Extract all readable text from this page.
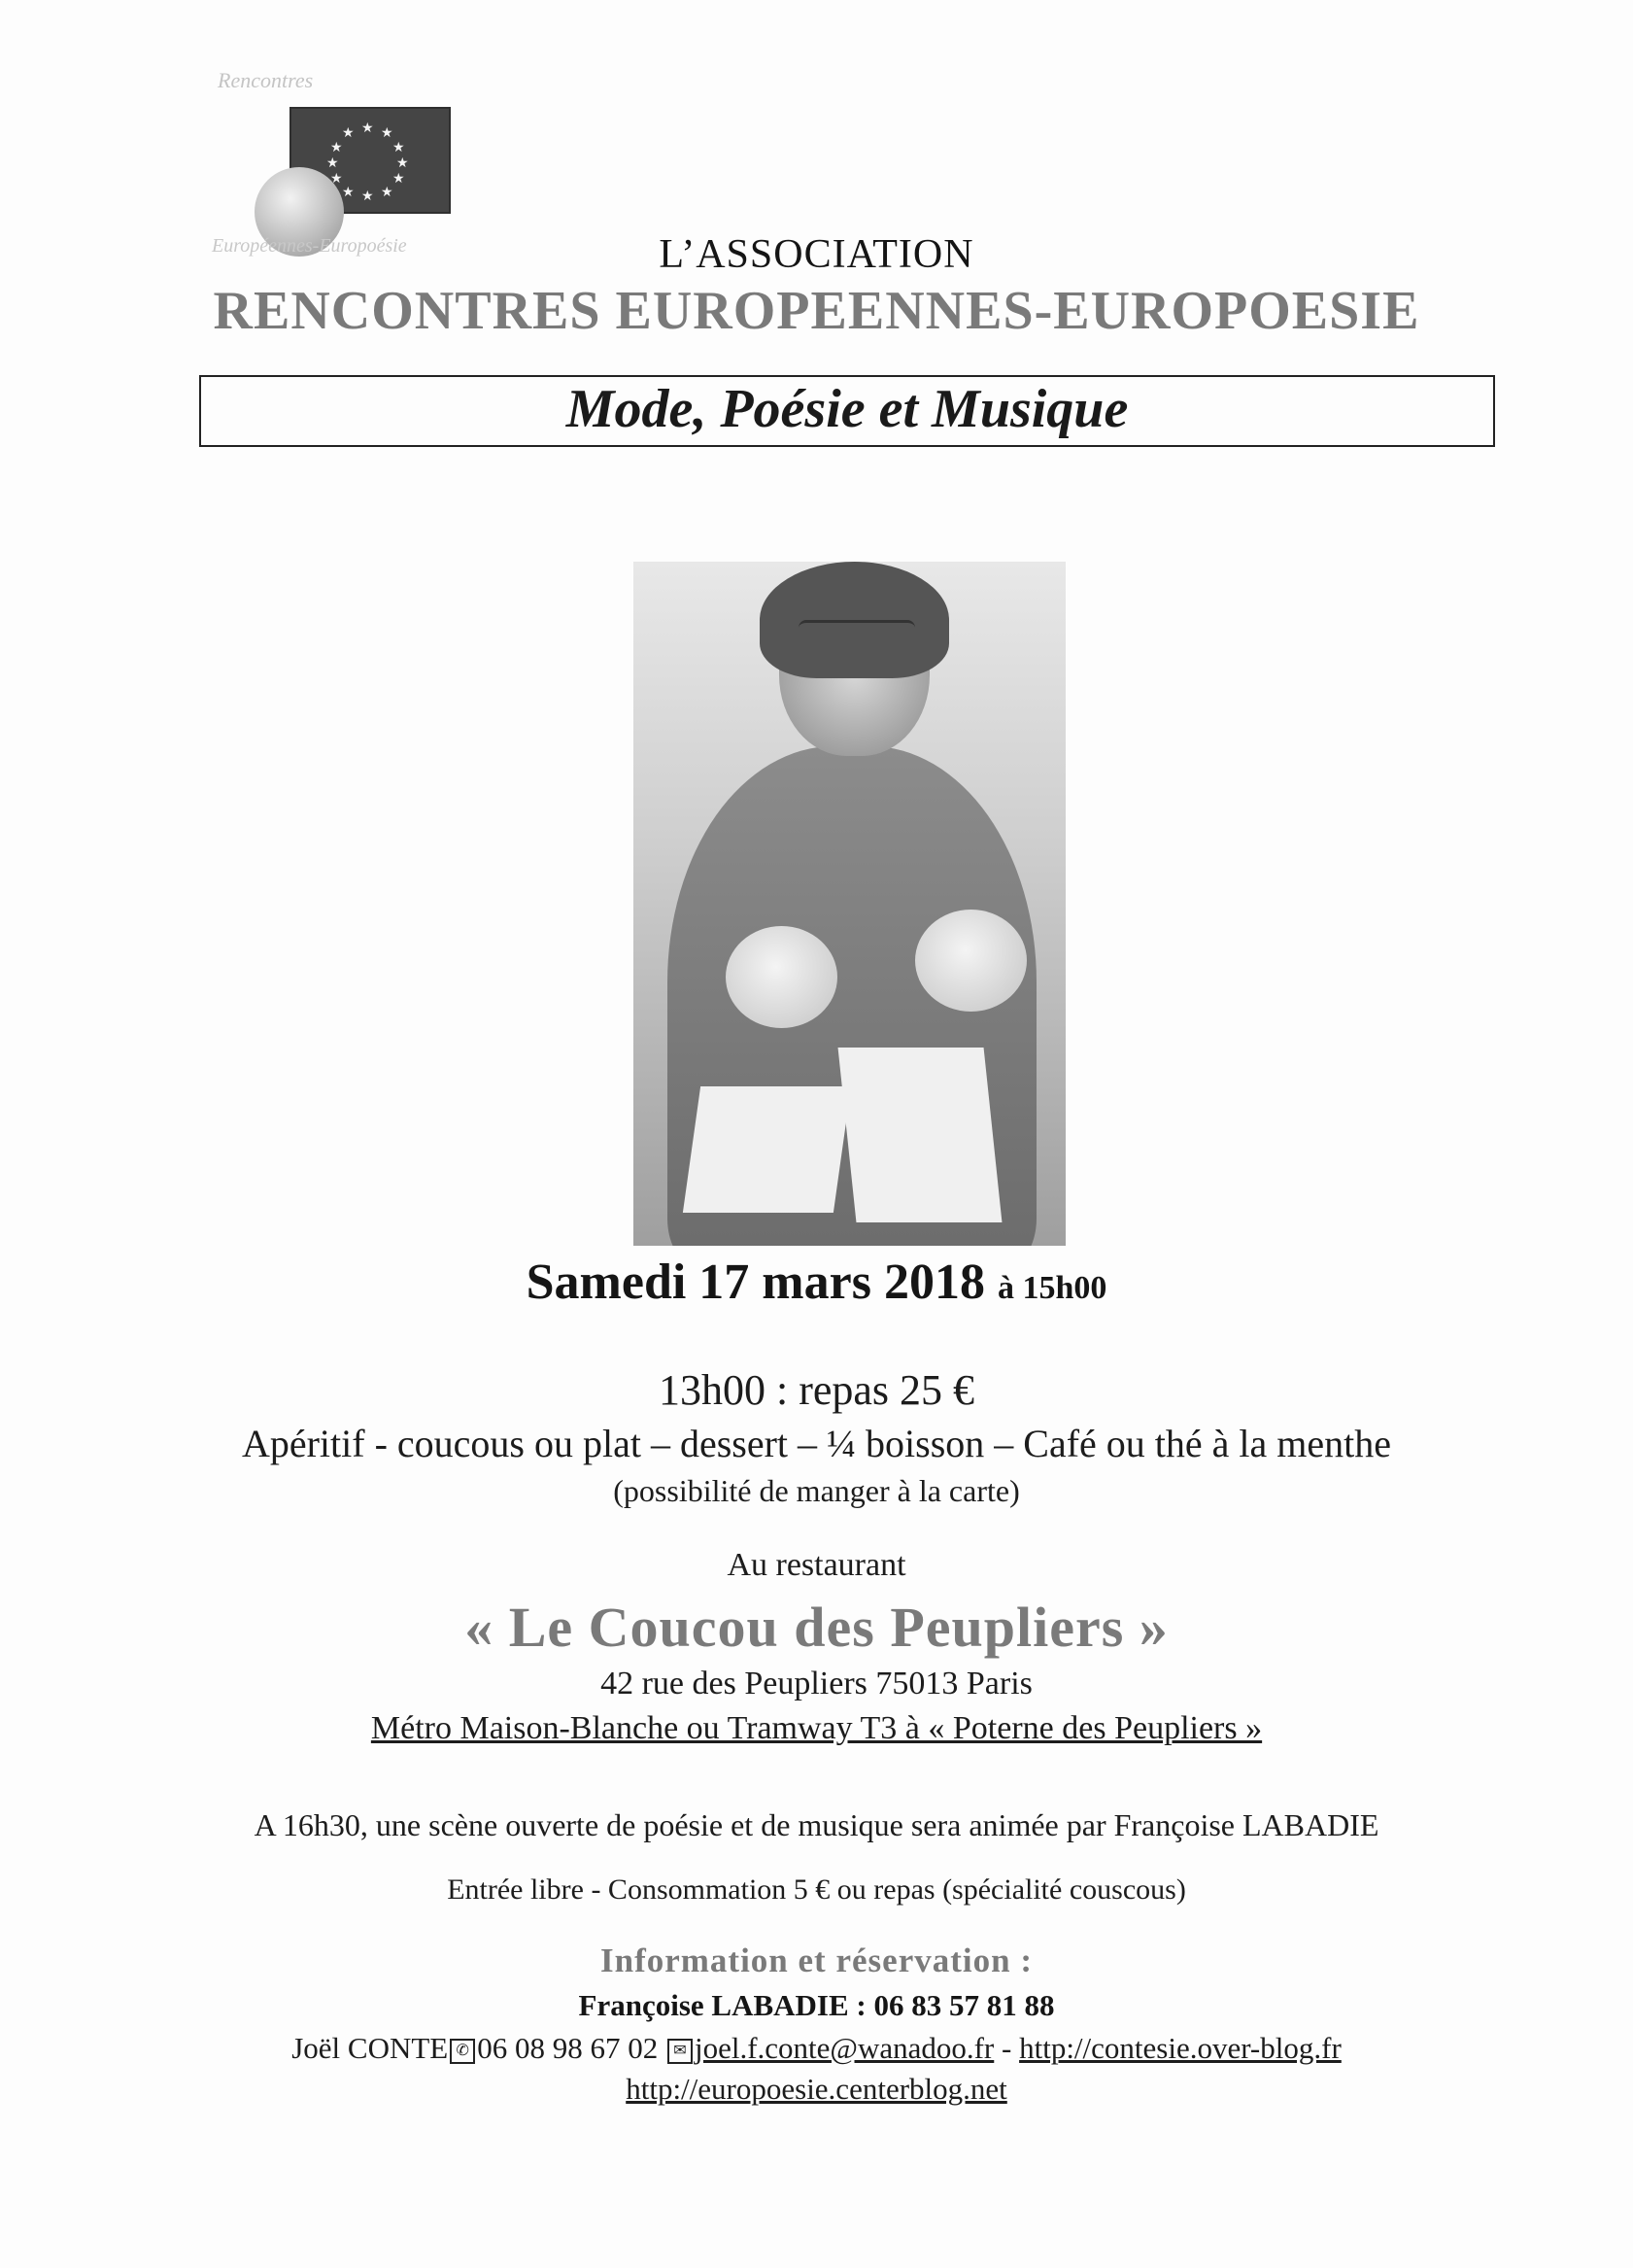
Rencontres
★ ★
★
★
★
★
★
★
★
★
★
★
Européennes-Europoésie	L’ASSOCIATION
RENCONTRES EUROPEENNES-EUROPOESIE
Mode, Poésie et Musique
Samedi 17 mars 2018 à 15h00
13h00 : repas 25 €
Apéritif - coucous ou plat – dessert – ¼ boisson – Café ou thé à la menthe
(possibilité de manger à la carte)
Au restaurant
« Le Coucou des Peupliers »
42 rue des Peupliers 75013 Paris
Métro Maison-Blanche ou Tramway T3 à « Poterne des Peupliers »
A 16h30, une scène ouverte de poésie et de musique sera animée par Françoise LABADIE
Entrée libre - Consommation 5 € ou repas (spécialité couscous)
Information et réservation :
Françoise LABADIE : 06 83 57 81 88
Joël CONTE ✆ 06 08 98 67 02 ✉ joel.f.conte@wanadoo.fr - http://contesie.over-blog.fr
http://europoesie.centerblog.net
